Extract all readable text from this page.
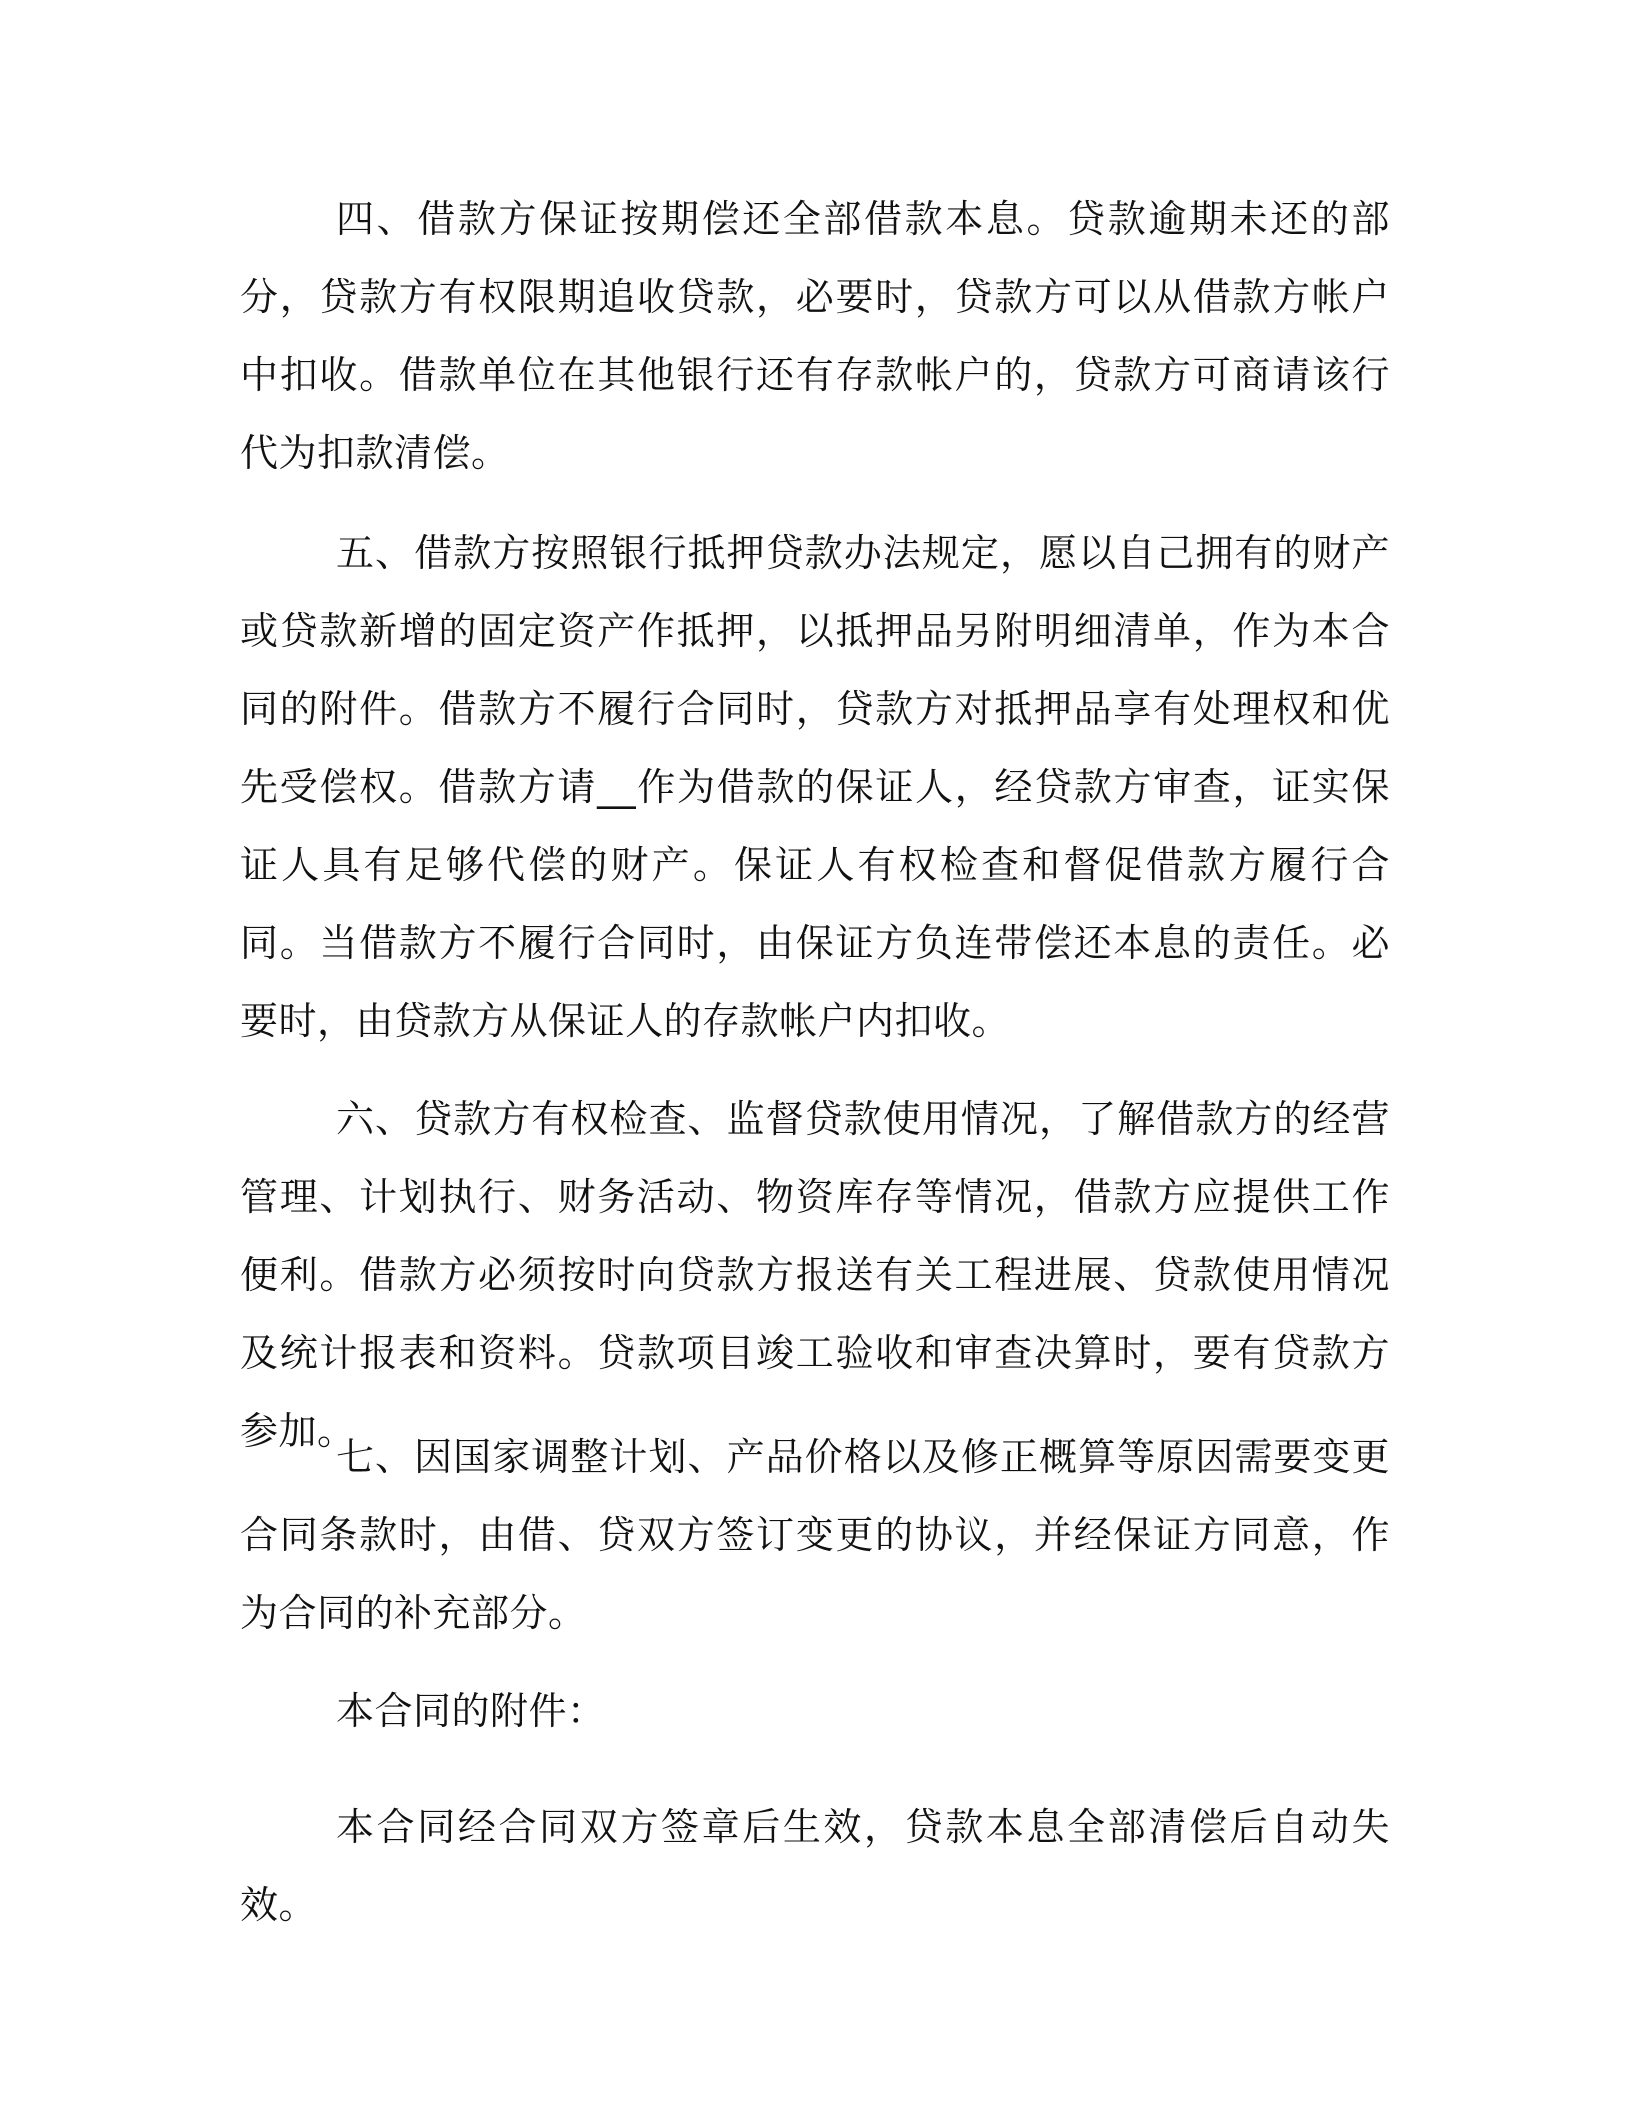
四、借款方保证按期偿还全部借款本息。贷款逾期未还的部分，贷款方有权限期追收贷款，必要时，贷款方可以从借款方帐户中扣收。借款单位在其他银行还有存款帐户的，贷款方可商请该行代为扣款清偿。

五、借款方按照银行抵押贷款办法规定，愿以自己拥有的财产或贷款新增的固定资产作抵押，以抵押品另附明细清单，作为本合同的附件。借款方不履行合同时，贷款方对抵押品享有处理权和优先受偿权。借款方请__作为借款的保证人，经贷款方审查，证实保证人具有足够代偿的财产。保证人有权检查和督促借款方履行合同。当借款方不履行合同时，由保证方负连带偿还本息的责任。必要时，由贷款方从保证人的存款帐户内扣收。

六、贷款方有权检查、监督贷款使用情况，了解借款方的经营管理、计划执行、财务活动、物资库存等情况，借款方应提供工作便利。借款方必须按时向贷款方报送有关工程进展、贷款使用情况及统计报表和资料。贷款项目竣工验收和审查决算时，要有贷款方参加。

七、因国家调整计划、产品价格以及修正概算等原因需要变更合同条款时，由借、贷双方签订变更的协议，并经保证方同意，作为合同的补充部分。

本合同的附件：

本合同经合同双方签章后生效，贷款本息全部清偿后自动失效。
